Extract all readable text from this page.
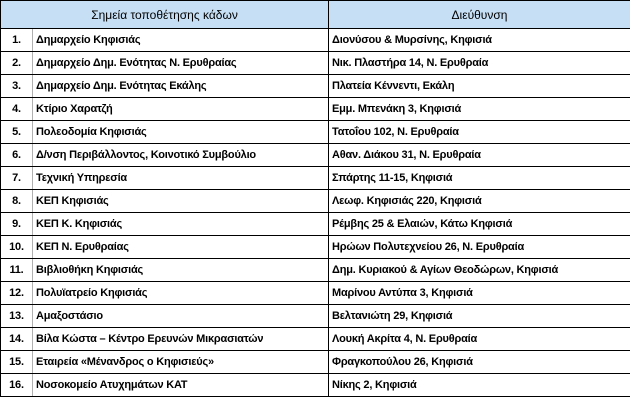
Σημεία τοποθέτησης κάδων		Διεύθυνση
1.	Δημαρχείο Κηφισιάς	Διονύσου & Μυρσίνης, Κηφισιά
2.	Δημαρχείο Δημ. Ενότητας Ν. Ερυθραίας	Νικ. Πλαστήρα 14, Ν. Ερυθραία
3.	Δημαρχείο Δημ. Ενότητας Εκάλης	Πλατεία Κέννεντι, Εκάλη
4.	Κτίριο Χαρατζή	Εμμ. Μπενάκη 3, Κηφισιά
5.	Πολεοδομία Κηφισιάς	Τατοΐου 102, Ν. Ερυθραία
6.	Δ/νση Περιβάλλοντος, Κοινοτικό Συμβούλιο	Αθαν. Διάκου 31, Ν. Ερυθραία
7.	Τεχνική Υπηρεσία	Σπάρτης 11-15, Κηφισιά
8.	ΚΕΠ Κηφισιάς	Λεωφ. Κηφισιάς 220, Κηφισιά
9.	ΚΕΠ Κ. Κηφισιάς	Ρέμβης 25 & Ελαιών, Κάτω Κηφισιά
10.	ΚΕΠ Ν. Ερυθραίας	Ηρώων Πολυτεχνείου 26, Ν. Ερυθραία
11.	Βιβλιοθήκη Κηφισιάς	Δημ. Κυριακού & Αγίων Θεοδώρων, Κηφισιά
12.	Πολυϊατρείο Κηφισιάς	Μαρίνου Αντύπα 3, Κηφισιά
13.	Αμαξοστάσιο	Βελτανιώτη 29, Κηφισιά
14.	Βίλα Κώστα – Κέντρο Ερευνών Μικρασιατών	Λουκή Ακρίτα 4, Ν. Ερυθραία
15.	Εταιρεία «Μένανδρος ο Κηφισιεύς»	Φραγκοπούλου 26, Κηφισιά
16.	Νοσοκομείο Ατυχημάτων ΚΑΤ	Νίκης 2, Κηφισιά
